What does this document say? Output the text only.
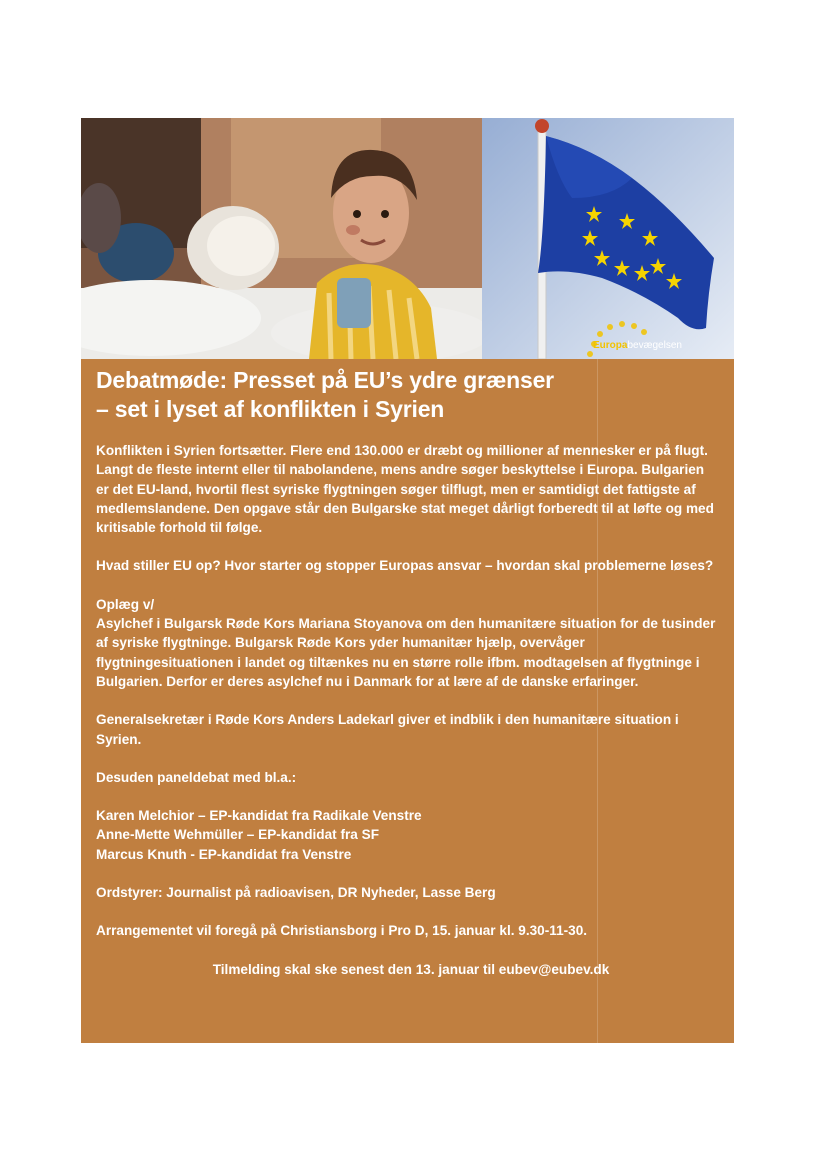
Europabevægelsen
Debatmøde: Presset på EU’s ydre grænser
– set i lyset af konflikten i Syrien

Konflikten i Syrien fortsætter. Flere end 130.000 er dræbt og millioner af mennesker er på flugt.
Langt de fleste internt eller til nabolandene, mens andre søger beskyttelse i Europa. Bulgarien
er det EU-land, hvortil flest syriske flygtningen søger tilflugt, men er samtidigt det fattigste af
medlemslandene. Den opgave står den Bulgarske stat meget dårligt forberedt til at løfte og med
kritisable forhold til følge.

Hvad stiller EU op? Hvor starter og stopper Europas ansvar – hvordan skal problemerne løses?

Oplæg v/
Asylchef i Bulgarsk Røde Kors Mariana Stoyanova om den humanitære situation for de tusinder
af syriske flygtninge. Bulgarsk Røde Kors yder humanitær hjælp, overvåger
flygtningesituationen i landet og tiltænkes nu en større rolle ifbm. modtagelsen af flygtninge i
Bulgarien. Derfor er deres asylchef nu i Danmark for at lære af de danske erfaringer.

Generalsekretær i Røde Kors Anders Ladekarl giver et indblik i den humanitære situation i
Syrien.

Desuden paneldebat med bl.a.:

Karen Melchior – EP-kandidat fra Radikale Venstre
Anne-Mette Wehmüller – EP-kandidat fra SF
Marcus Knuth - EP-kandidat fra Venstre

Ordstyrer: Journalist på radioavisen, DR Nyheder, Lasse Berg

Arrangementet vil foregå på Christiansborg i Pro D, 15. januar kl. 9.30-11-30.

Tilmelding skal ske senest den 13. januar til eubev@eubev.dk
